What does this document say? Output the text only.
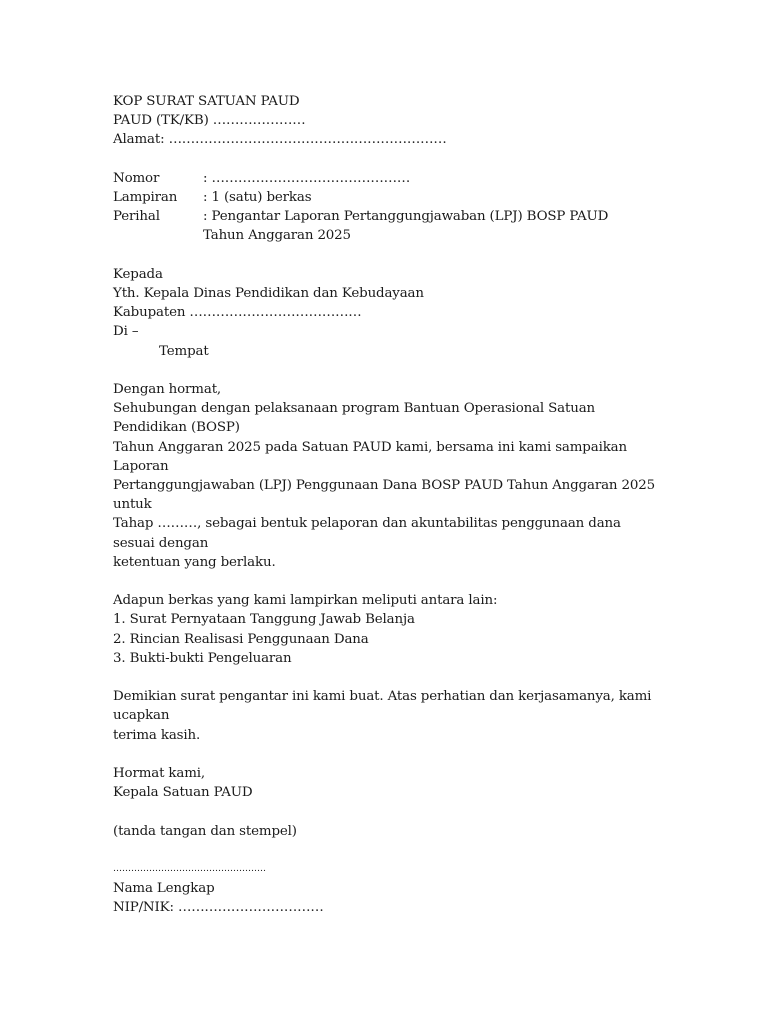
KOP SURAT SATUAN PAUD
PAUD (TK/KB) …………………
Alamat: ………………………………………………………
Nomor	: ………………………………………
Lampiran	: 1 (satu) berkas
Perihal	: Pengantar Laporan Pertanggungjawaban (LPJ) BOSP PAUD
Tahun Anggaran 2025
Kepada
Yth. Kepala Dinas Pendidikan dan Kebudayaan
Kabupaten …………………………………
Di –
Tempat
Dengan hormat,
Sehubungan dengan pelaksanaan program Bantuan Operasional Satuan Pendidikan (BOSP)
Tahun Anggaran 2025 pada Satuan PAUD kami, bersama ini kami sampaikan Laporan
Pertanggungjawaban (LPJ) Penggunaan Dana BOSP PAUD Tahun Anggaran 2025 untuk
Tahap ………, sebagai bentuk pelaporan dan akuntabilitas penggunaan dana sesuai dengan
ketentuan yang berlaku.
Adapun berkas yang kami lampirkan meliputi antara lain:
1. Surat Pernyataan Tanggung Jawab Belanja
2. Rincian Realisasi Penggunaan Dana
3. Bukti-bukti Pengeluaran
Demikian surat pengantar ini kami buat. Atas perhatian dan kerjasamanya, kami ucapkan
terima kasih.
Hormat kami,
Kepala Satuan PAUD
(tanda tangan dan stempel)
……………………………………………
Nama Lengkap
NIP/NIK: ……………………………
